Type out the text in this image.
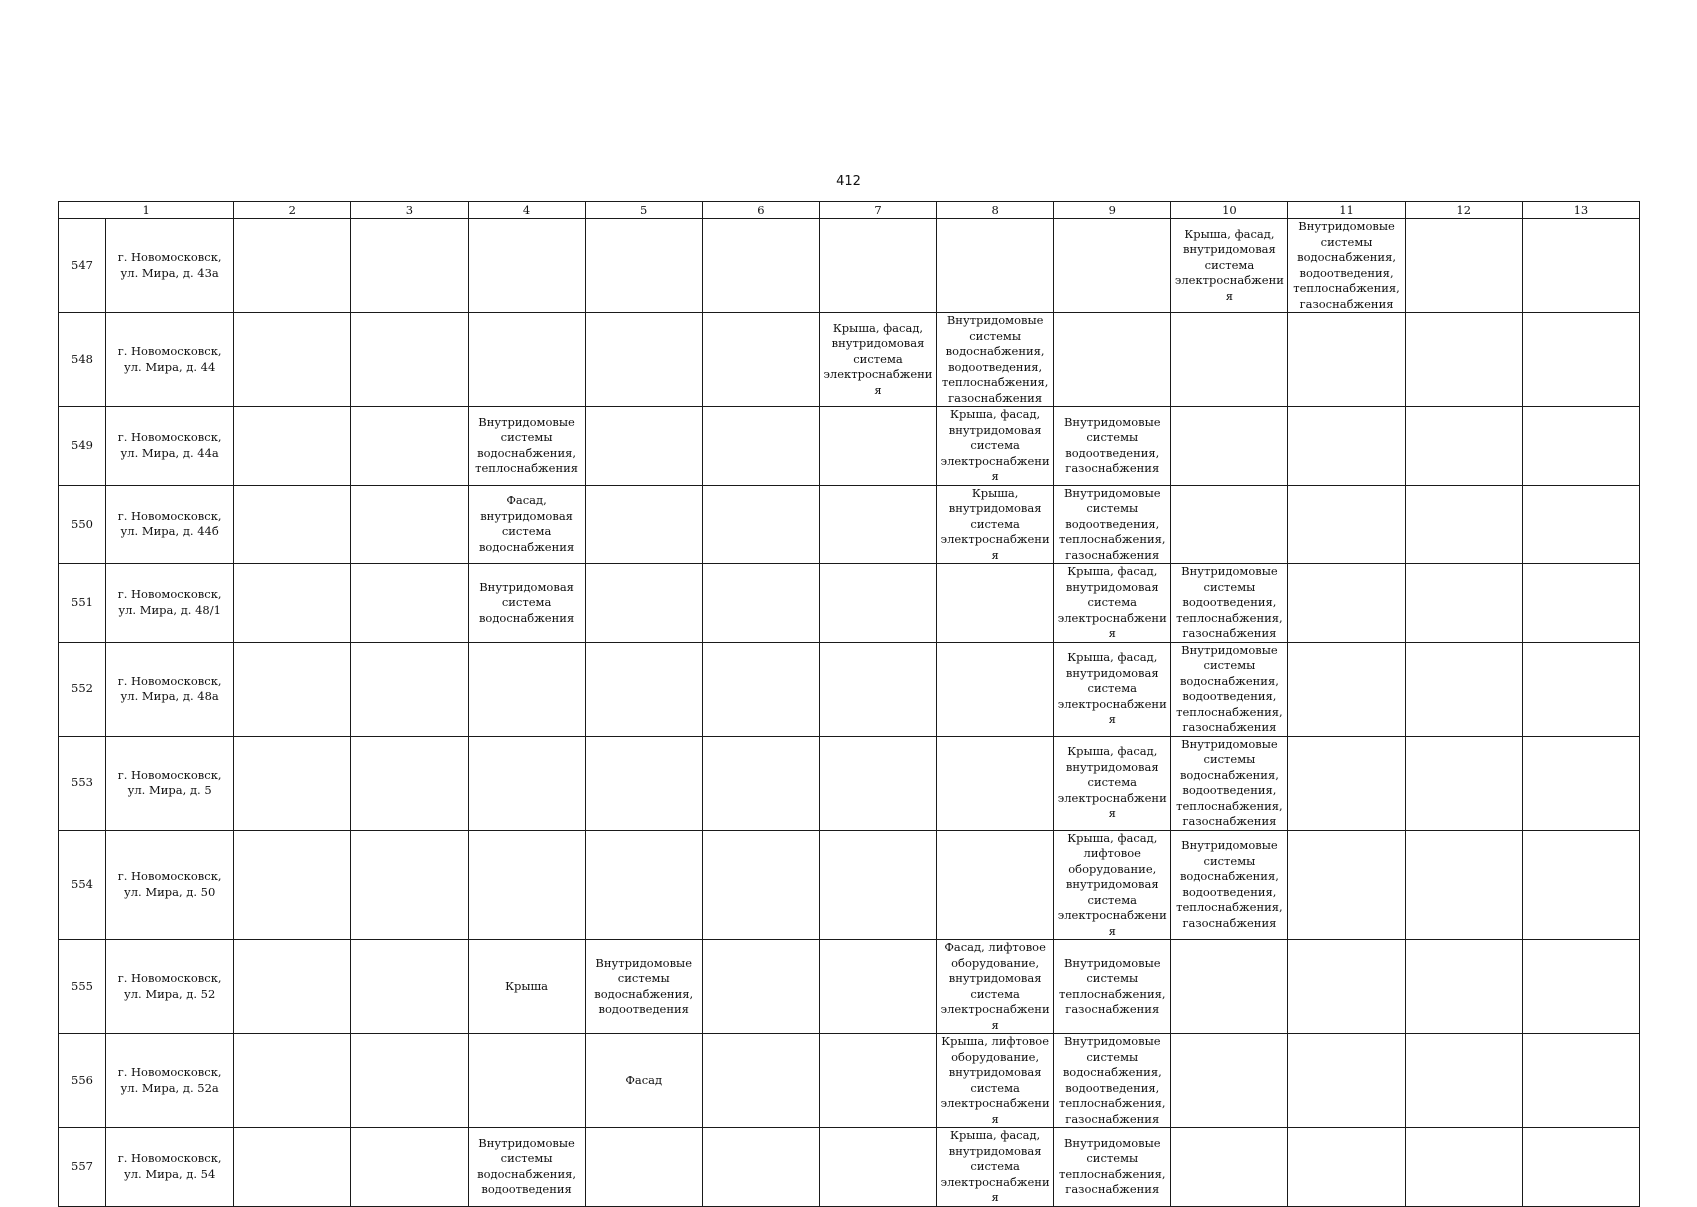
412
1		2	3	4	5	6	7	8	9	10	11	12	13
547	г. Новомосковск,
ул. Мира, д. 43а									Крыша, фасад, внутридомовая система электроснабжения	Внутридомовые системы водоснабжения, водоотведения, теплоснабжения, газоснабжения		
548	г. Новомосковск,
ул. Мира, д. 44						Крыша, фасад, внутридомовая система электроснабжения	Внутридомовые системы водоснабжения, водоотведения, теплоснабжения, газоснабжения					
549	г. Новомосковск,
ул. Мира, д. 44а			Внутридомовые системы водоснабжения, теплоснабжения				Крыша, фасад, внутридомовая система электроснабжения	Внутридомовые системы водоотведения, газоснабжения				
550	г. Новомосковск,
ул. Мира, д. 44б			Фасад, внутридомовая система водоснабжения				Крыша, внутридомовая система электроснабжения	Внутридомовые системы водоотведения, теплоснабжения, газоснабжения				
551	г. Новомосковск,
ул. Мира, д. 48/1			Внутридомовая система водоснабжения					Крыша, фасад, внутридомовая система электроснабжения	Внутридомовые системы водоотведения, теплоснабжения, газоснабжения			
552	г. Новомосковск,
ул. Мира, д. 48а								Крыша, фасад, внутридомовая система электроснабжения	Внутридомовые системы водоснабжения, водоотведения, теплоснабжения, газоснабжения			
553	г. Новомосковск,
ул. Мира, д. 5								Крыша, фасад, внутридомовая система электроснабжения	Внутридомовые системы водоснабжения, водоотведения, теплоснабжения, газоснабжения			
554	г. Новомосковск,
ул. Мира, д. 50								Крыша, фасад, лифтовое оборудование, внутридомовая система электроснабжения	Внутридомовые системы водоснабжения, водоотведения, теплоснабжения, газоснабжения			
555	г. Новомосковск,
ул. Мира, д. 52			Крыша	Внутридомовые системы водоснабжения, водоотведения			Фасад, лифтовое оборудование, внутридомовая система электроснабжения	Внутридомовые системы теплоснабжения, газоснабжения				
556	г. Новомосковск,
ул. Мира, д. 52а				Фасад			Крыша, лифтовое оборудование, внутридомовая система электроснабжения	Внутридомовые системы водоснабжения, водоотведения, теплоснабжения, газоснабжения				
557	г. Новомосковск,
ул. Мира, д. 54			Внутридомовые системы водоснабжения, водоотведения				Крыша, фасад, внутридомовая система электроснабжения	Внутридомовые системы теплоснабжения, газоснабжения				
